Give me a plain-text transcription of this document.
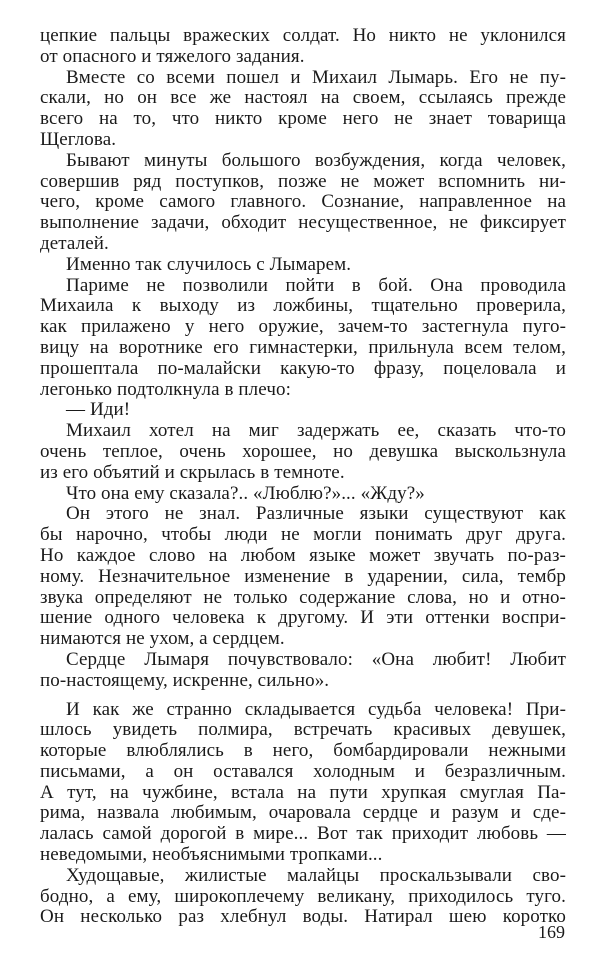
цепкие пальцы вражеских солдат. Но никто не уклонился
от опасного и тяжелого задания.
Вместе со всеми пошел и Михаил Лымарь. Его не пу-
скали, но он все же настоял на своем, ссылаясь прежде
всего на то, что никто кроме него не знает товарища
Щеглова.
Бывают минуты большого возбуждения, когда человек,
совершив ряд поступков, позже не может вспомнить ни-
чего, кроме самого главного. Сознание, направленное на
выполнение задачи, обходит несущественное, не фиксирует
деталей.
Именно так случилось с Лымарем.
Париме не позволили пойти в бой. Она проводила
Михаила к выходу из ложбины, тщательно проверила,
как прилажено у него оружие, зачем-то застегнула пуго-
вицу на воротнике его гимнастерки, прильнула всем телом,
прошептала по-малайски какую-то фразу, поцеловала и
легонько подтолкнула в плечо:
— Иди!
Михаил хотел на миг задержать ее, сказать что-то
очень теплое, очень хорошее, но девушка выскользнула
из его объятий и скрылась в темноте.
Что она ему сказала?.. «Люблю?»... «Жду?»
Он этого не знал. Различные языки существуют как
бы нарочно, чтобы люди не могли понимать друг друга.
Но каждое слово на любом языке может звучать по-раз-
ному. Незначительное изменение в ударении, сила, тембр
звука определяют не только содержание слова, но и отно-
шение одного человека к другому. И эти оттенки воспри-
нимаются не ухом, а сердцем.
Сердце Лымаря почувствовало: «Она любит! Любит
по-настоящему, искренне, сильно».
И как же странно складывается судьба человека! При-
шлось увидеть полмира, встречать красивых девушек,
которые влюблялись в него, бомбардировали нежными
письмами, а он оставался холодным и безразличным.
А тут, на чужбине, встала на пути хрупкая смуглая Па-
рима, назвала любимым, очаровала сердце и разум и сде-
лалась самой дорогой в мире... Вот так приходит любовь —
неведомыми, необъяснимыми тропками...
Худощавые, жилистые малайцы проскальзывали сво-
бодно, а ему, широкоплечему великану, приходилось туго.
Он несколько раз хлебнул воды. Натирал шею коротко
169
